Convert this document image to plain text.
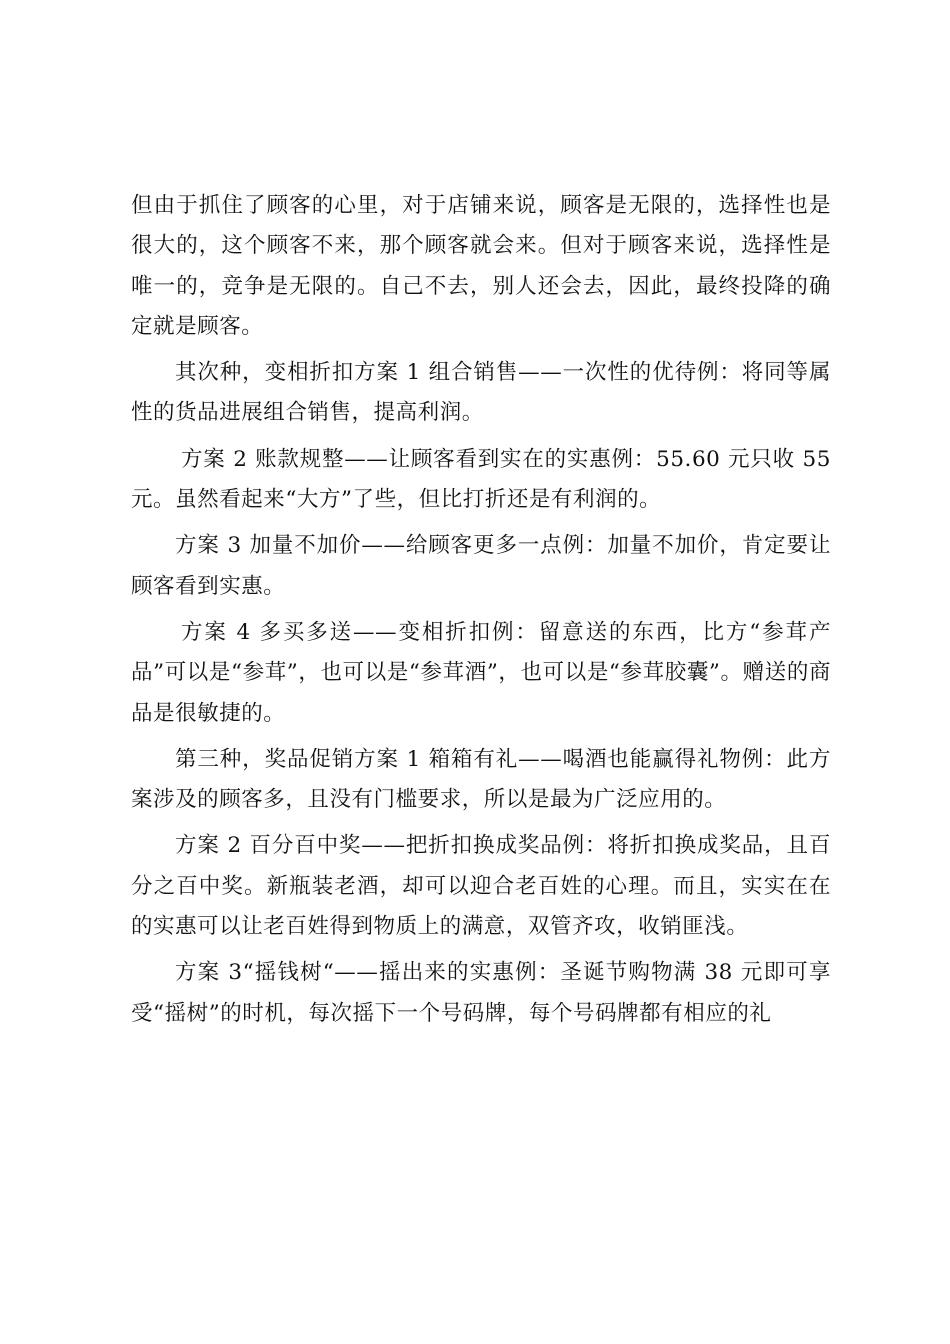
但由于抓住了顾客的心里，对于店铺来说，顾客是无限的，选择性也是很大的，这个顾客不来，那个顾客就会来。但对于顾客来说，选择性是唯一的，竞争是无限的。自己不去，别人还会去，因此，最终投降的确定就是顾客。

其次种，变相折扣方案 1 组合销售——一次性的优待例：将同等属性的货品进展组合销售，提高利润。

方案 2 账款规整——让顾客看到实在的实惠例：55.60 元只收 55 元。虽然看起来“大方”了些，但比打折还是有利润的。

方案 3 加量不加价——给顾客更多一点例：加量不加价，肯定要让顾客看到实惠。

方案 4 多买多送——变相折扣例：留意送的东西，比方“参茸产品”可以是“参茸”，也可以是“参茸酒”，也可以是“参茸胶囊”。赠送的商品是很敏捷的。

第三种，奖品促销方案 1 箱箱有礼——喝酒也能赢得礼物例：此方案涉及的顾客多，且没有门槛要求，所以是最为广泛应用的。

方案 2 百分百中奖——把折扣换成奖品例：将折扣换成奖品，且百分之百中奖。新瓶装老酒，却可以迎合老百姓的心理。而且，实实在在的实惠可以让老百姓得到物质上的满意，双管齐攻，收销匪浅。

方案 3“摇钱树“——摇出来的实惠例：圣诞节购物满 38 元即可享受“摇树”的时机，每次摇下一个号码牌，每个号码牌都有相应的礼
